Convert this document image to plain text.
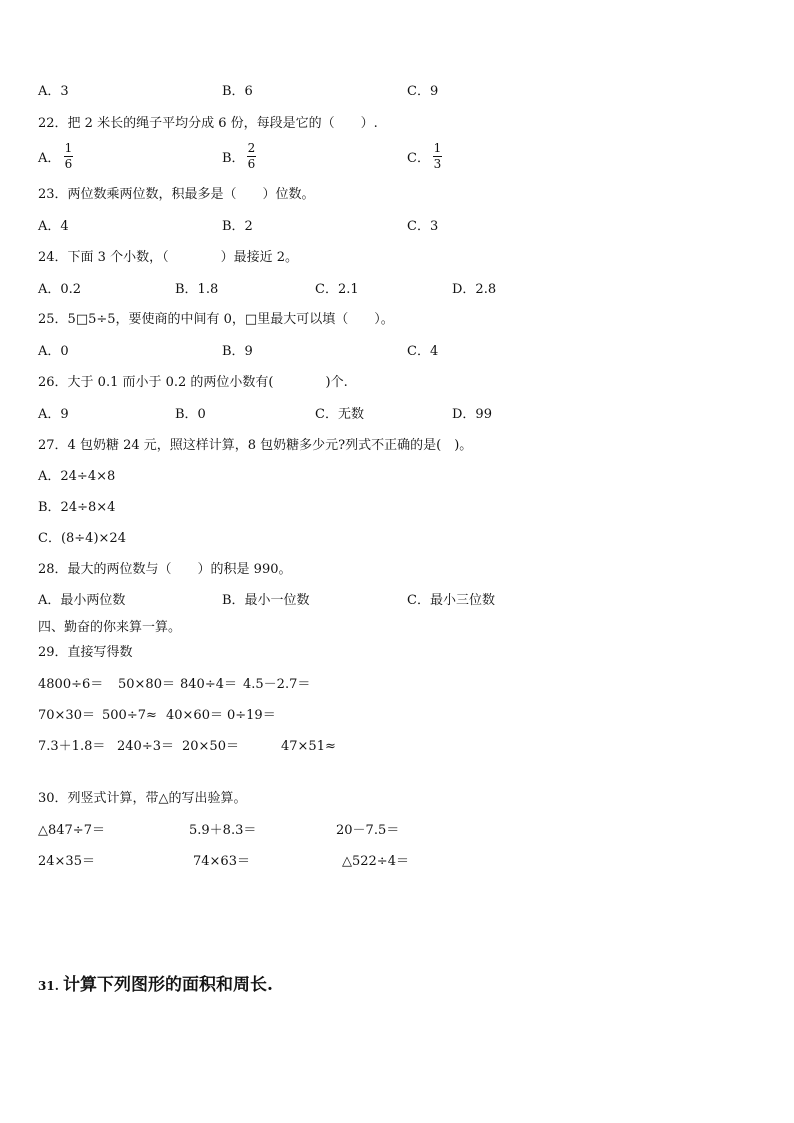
A．3	B．6	C．9
22．把 2 米长的绳子平均分成 6 份，每段是它的（　　）.
A．
1
6	B．
2
6	C．
1
3
23．两位数乘两位数，积最多是（　　）位数。
A．4	B．2	C．3
24．下面 3 个小数，（　　　　）最接近 2。
A．0.2	B．1.8	C．2.1	D．2.8
25．5□5÷5，要使商的中间有 0，□里最大可以填（　　）。
A．0	B．9	C．4
26．大于 0.1 而小于 0.2 的两位小数有(　　　　)个.
A．9	B．0	C．无数	D．99
27．4 包奶糖 24 元，照这样计算，8 包奶糖多少元?列式不正确的是(　)。
A．24÷4×8
B．24÷8×4
C．(8÷4)×24
28．最大的两位数与（　　）的积是 990。
A．最小两位数	B．最小一位数	C．最小三位数
四、勤奋的你来算一算。
29．直接写得数
4800÷6＝ 50×80＝ 840÷4＝ 4.5－2.7＝
70×30＝ 500÷7≈ 40×60＝ 0÷19＝
7.3＋1.8＝ 240÷3＝ 20×50＝	47×51≈
30．列竖式计算，带△的写出验算。
△847÷7＝	5.9＋8.3＝	20－7.5＝
24×35＝	74×63＝	△522÷4＝
31. 计算下列图形的面积和周长.
